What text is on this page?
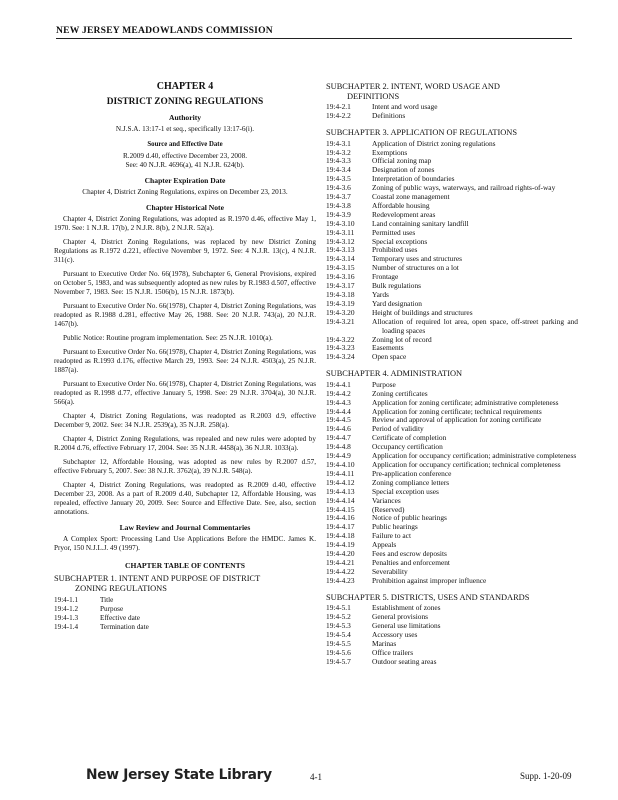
NEW JERSEY MEADOWLANDS COMMISSION
CHAPTER 4
DISTRICT ZONING REGULATIONS
Authority
N.J.S.A. 13:17-1 et seq., specifically 13:17-6(i).
Source and Effective Date
R.2009 d.40, effective December 23, 2008.
See: 40 N.J.R. 4696(a), 41 N.J.R. 624(b).
Chapter Expiration Date
Chapter 4, District Zoning Regulations, expires on December 23, 2013.
Chapter Historical Note
Chapter 4, District Zoning Regulations, was adopted as R.1970 d.46, effective May 1, 1970. See: 1 N.J.R. 17(b), 2 N.J.R. 8(b), 2 N.J.R. 52(a).
Chapter 4, District Zoning Regulations, was replaced by new District Zoning Regulations as R.1972 d.221, effective November 9, 1972. See: 4 N.J.R. 13(c), 4 N.J.R. 311(c).
Pursuant to Executive Order No. 66(1978), Subchapter 6, General Provisions, expired on October 5, 1983, and was subsequently adopted as new rules by R.1983 d.507, effective November 7, 1983. See: 15 N.J.R. 1506(b), 15 N.J.R. 1873(b).
Pursuant to Executive Order No. 66(1978), Chapter 4, District Zoning Regulations, was readopted as R.1988 d.281, effective May 26, 1988. See: 20 N.J.R. 743(a), 20 N.J.R. 1467(b).
Public Notice: Routine program implementation. See: 25 N.J.R. 1010(a).
Pursuant to Executive Order No. 66(1978), Chapter 4, District Zoning Regulations, was readopted as R.1993 d.176, effective March 29, 1993. See: 24 N.J.R. 4503(a), 25 N.J.R. 1887(a).
Pursuant to Executive Order No. 66(1978), Chapter 4, District Zoning Regulations, was readopted as R.1998 d.77, effective January 5, 1998. See: 29 N.J.R. 3704(a), 30 N.J.R. 566(a).
Chapter 4, District Zoning Regulations, was readopted as R.2003 d.9, effective December 9, 2002. See: 34 N.J.R. 2539(a), 35 N.J.R. 258(a).
Chapter 4, District Zoning Regulations, was repealed and new rules were adopted by R.2004 d.76, effective February 17, 2004. See: 35 N.J.R. 4458(a), 36 N.J.R. 1033(a).
Subchapter 12, Affordable Housing, was adopted as new rules by R.2007 d.57, effective February 5, 2007. See: 38 N.J.R. 3762(a), 39 N.J.R. 548(a).
Chapter 4, District Zoning Regulations, was readopted as R.2009 d.40, effective December 23, 2008. As a part of R.2009 d.40, Subchapter 12, Affordable Housing, was repealed, effective January 20, 2009. See: Source and Effective Date. See, also, section annotations.
Law Review and Journal Commentaries
A Complex Sport: Processing Land Use Applications Before the HMDC. James K. Pryor, 150 N.J.L.J. 49 (1997).
CHAPTER TABLE OF CONTENTS
SUBCHAPTER 1. INTENT AND PURPOSE OF DISTRICT
ZONING REGULATIONS
19:4-1.1	Title
19:4-1.2	Purpose
19:4-1.3	Effective date
19:4-1.4	Termination date
SUBCHAPTER 2. INTENT, WORD USAGE AND
DEFINITIONS
19:4-2.1	Intent and word usage
19:4-2.2	Definitions
SUBCHAPTER 3. APPLICATION OF REGULATIONS
19:4-3.1	Application of District zoning regulations
19:4-3.2	Exemptions
19:4-3.3	Official zoning map
19:4-3.4	Designation of zones
19:4-3.5	Interpretation of boundaries
19:4-3.6	Zoning of public ways, waterways, and railroad rights-of-way
19:4-3.7	Coastal zone management
19:4-3.8	Affordable housing
19:4-3.9	Redevelopment areas
19:4-3.10	Land containing sanitary landfill
19:4-3.11	Permitted uses
19:4-3.12	Special exceptions
19:4-3.13	Prohibited uses
19:4-3.14	Temporary uses and structures
19:4-3.15	Number of structures on a lot
19:4-3.16	Frontage
19:4-3.17	Bulk regulations
19:4-3.18	Yards
19:4-3.19	Yard designation
19:4-3.20	Height of buildings and structures
19:4-3.21	Allocation of required lot area, open space, off-street parking and loading spaces
19:4-3.22	Zoning lot of record
19:4-3.23	Easements
19:4-3.24	Open space
SUBCHAPTER 4. ADMINISTRATION
19:4-4.1	Purpose
19:4-4.2	Zoning certificates
19:4-4.3	Application for zoning certificate; administrative completeness
19:4-4.4	Application for zoning certificate; technical requirements
19:4-4.5	Review and approval of application for zoning certificate
19:4-4.6	Period of validity
19:4-4.7	Certificate of completion
19:4-4.8	Occupancy certification
19:4-4.9	Application for occupancy certification; administrative completeness
19:4-4.10	Application for occupancy certification; technical completeness
19:4-4.11	Pre-application conference
19:4-4.12	Zoning compliance letters
19:4-4.13	Special exception uses
19:4-4.14	Variances
19:4-4.15	(Reserved)
19:4-4.16	Notice of public hearings
19:4-4.17	Public hearings
19:4-4.18	Failure to act
19:4-4.19	Appeals
19:4-4.20	Fees and escrow deposits
19:4-4.21	Penalties and enforcement
19:4-4.22	Severability
19:4-4.23	Prohibition against improper influence
SUBCHAPTER 5. DISTRICTS, USES AND STANDARDS
19:4-5.1	Establishment of zones
19:4-5.2	General provisions
19:4-5.3	General use limitations
19:4-5.4	Accessory uses
19:4-5.5	Marinas
19:4-5.6	Office trailers
19:4-5.7	Outdoor seating areas
New Jersey State Library	4-1	Supp. 1-20-09
